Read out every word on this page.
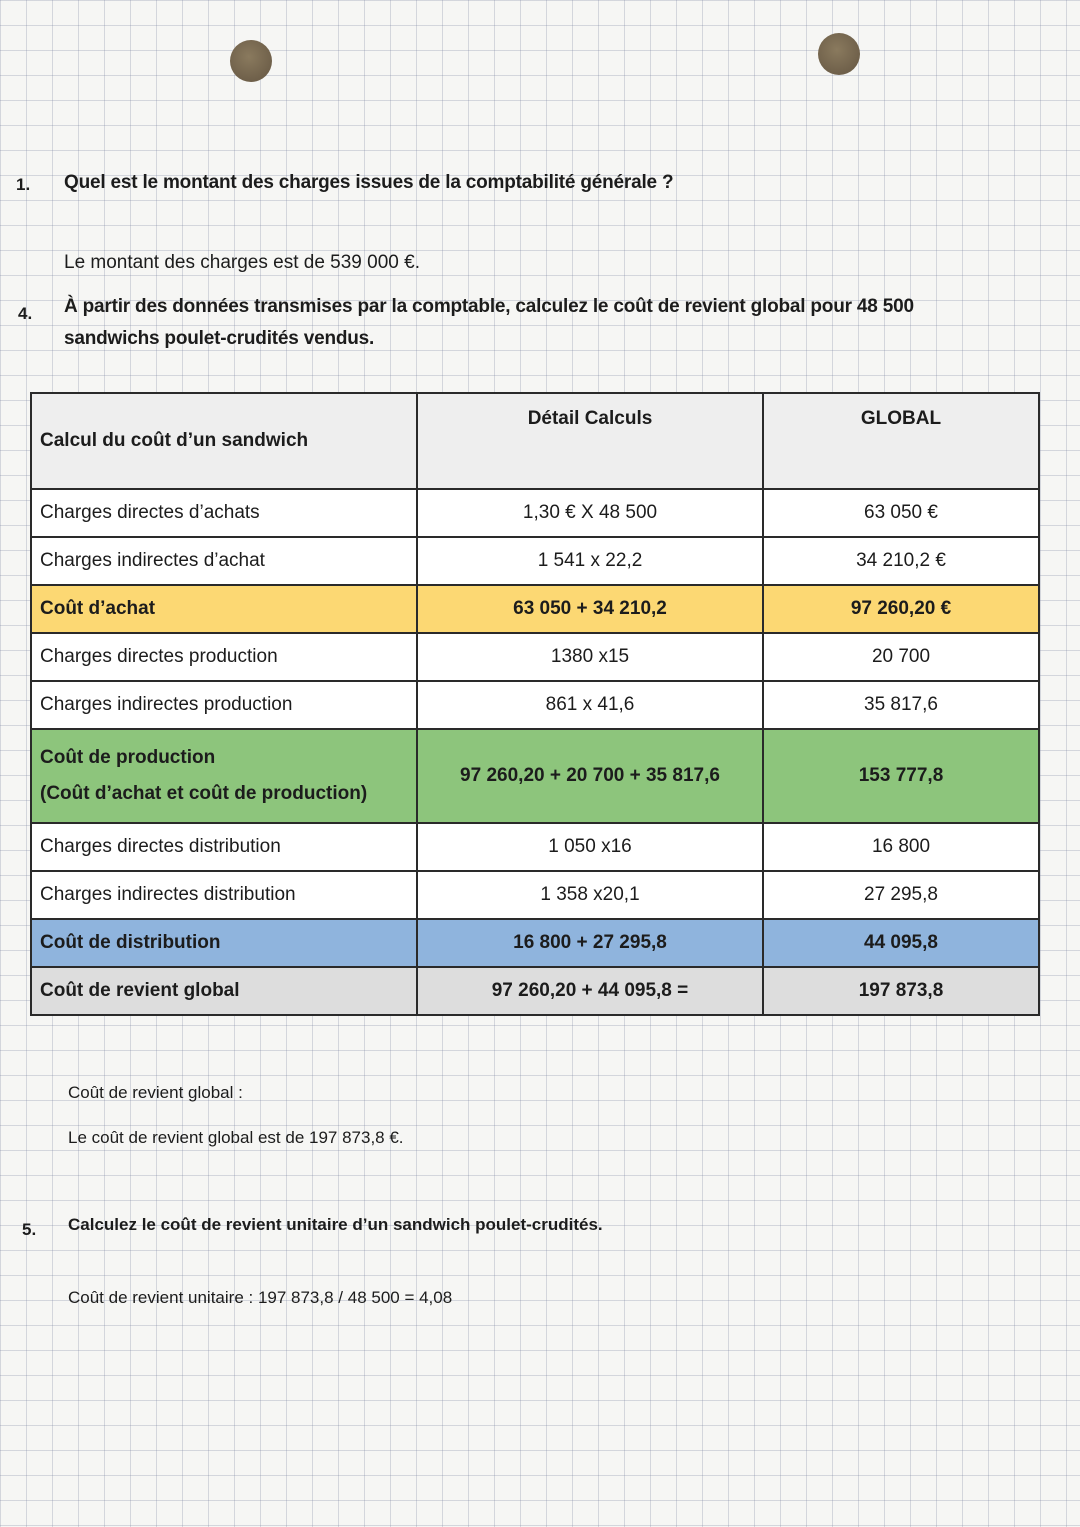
1. Quel est le montant des charges issues de la comptabilité générale ?

Le montant des charges est de 539 000 €.

4. À partir des données transmises par la comptable, calculez le coût de revient global pour 48 500

sandwichs poulet-crudités vendus.

Calcul du coût d’un sandwich	Détail Calculs	GLOBAL
Charges directes d’achats	1,30 € X 48 500	63 050 €
Charges indirectes d’achat	1 541 x 22,2	34 210,2 €
Coût d’achat	63 050 + 34 210,2	97 260,20 €
Charges directes production	1380 x15	20 700
Charges indirectes production	861 x 41,6	35 817,6
Coût de production
(Coût d’achat et coût de production)	97 260,20 + 20 700 + 35 817,6	153 777,8
Charges directes distribution	1 050 x16	16 800
Charges indirectes distribution	1 358 x20,1	27 295,8
Coût de distribution	16 800 + 27 295,8	44 095,8
Coût de revient global	97 260,20 + 44 095,8 =	197 873,8

Coût de revient global :

Le coût de revient global est de 197 873,8 €.

5. Calculez le coût de revient unitaire d’un sandwich poulet-crudités.

Coût de revient unitaire : 197 873,8 / 48 500 = 4,08
